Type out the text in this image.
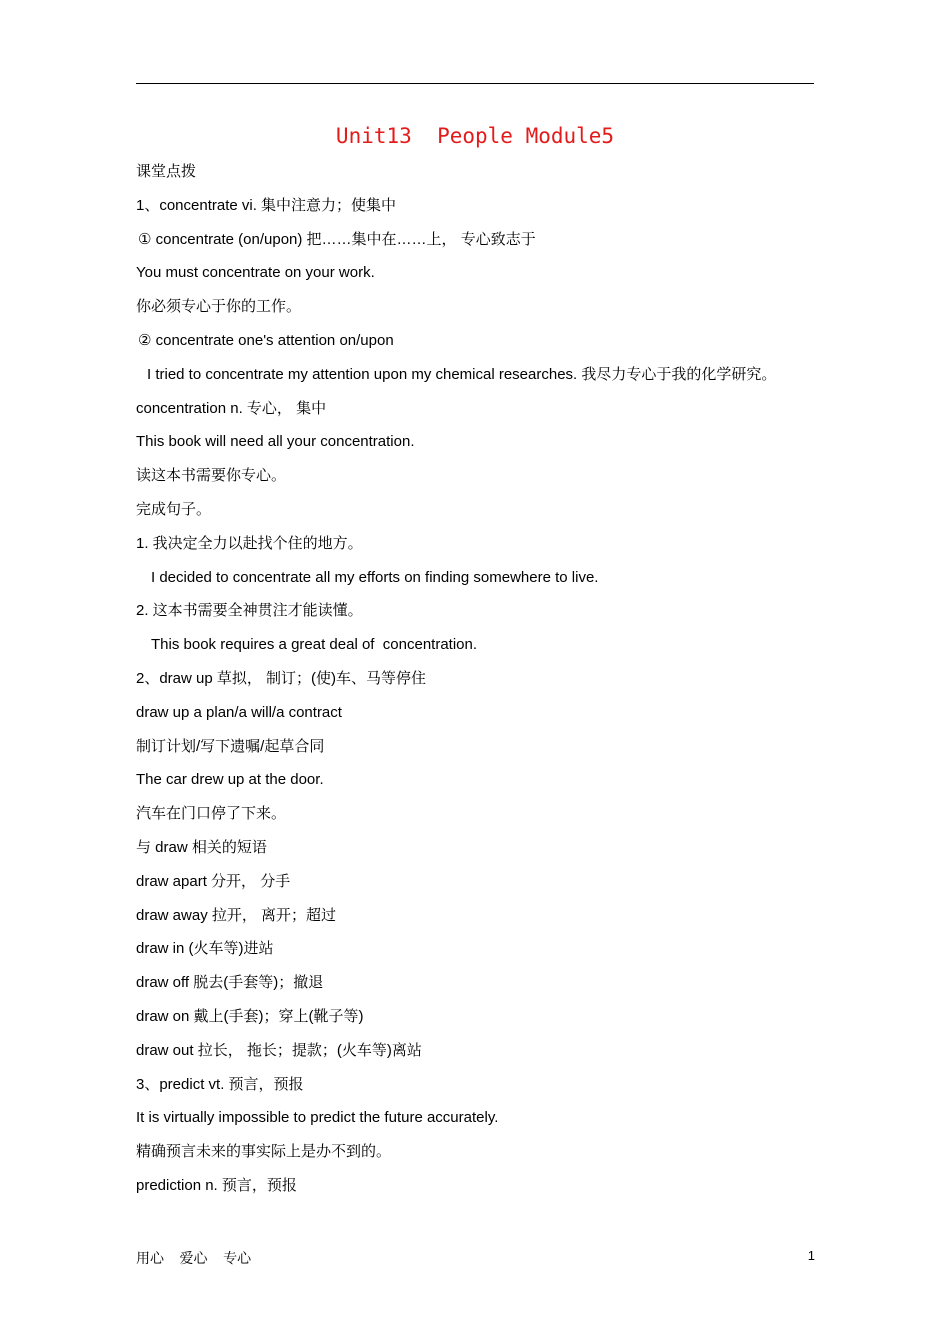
Unit13  People Module5
课堂点拨
1、concentrate vi. 集中注意力；使集中
① concentrate (on/upon) 把……集中在……上， 专心致志于
You must concentrate on your work.
你必须专心于你的工作。
② concentrate one's attention on/upon
I tried to concentrate my attention upon my chemical researches. 我尽力专心于我的化学研究。
concentration n. 专心， 集中
This book will need all your concentration.
读这本书需要你专心。
完成句子。
1. 我决定全力以赴找个住的地方。
I decided to concentrate all my efforts on finding somewhere to live.
2. 这本书需要全神贯注才能读懂。
This book requires a great deal of  concentration.
2、draw up 草拟， 制订；(使)车、马等停住
draw up a plan/a will/a contract
制订计划/写下遗嘱/起草合同
The car drew up at the door.
汽车在门口停了下来。
与 draw 相关的短语
draw apart 分开， 分手
draw away 拉开， 离开；超过
draw in (火车等)进站
draw off 脱去(手套等)；撤退
draw on 戴上(手套)；穿上(靴子等)
draw out 拉长， 拖长；提款；(火车等)离站
3、predict vt. 预言，预报
It is virtually impossible to predict the future accurately.
精确预言未来的事实际上是办不到的。
prediction n. 预言，预报
用心    爱心    专心	1
